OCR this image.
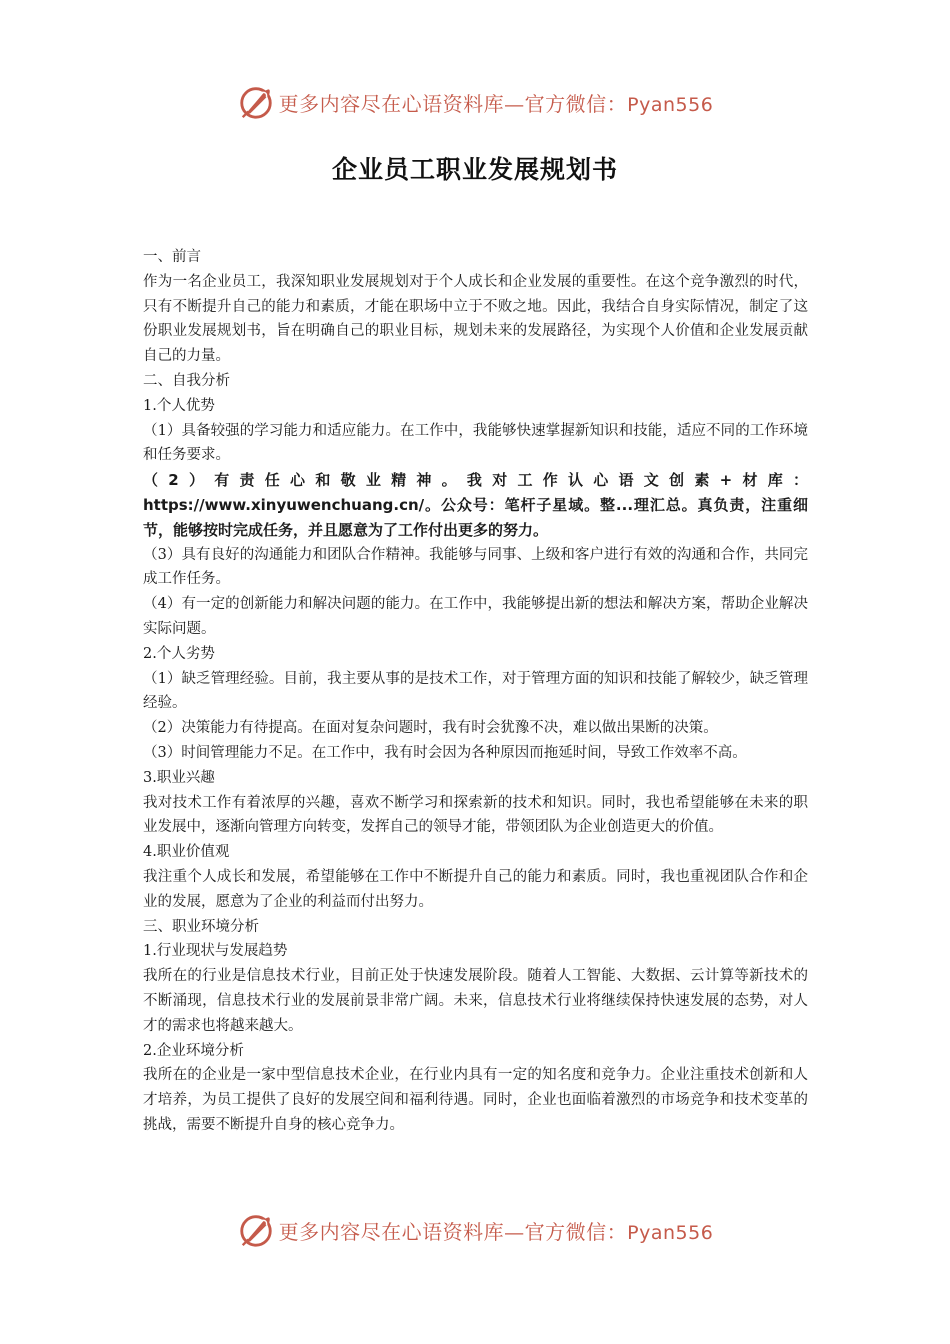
更多内容尽在心语资料库—官方微信：Pyan556
企业员工职业发展规划书

一、前言

作为一名企业员工，我深知职业发展规划对于个人成长和企业发展的重要性。在这个竞争激烈的时代，只有不断提升自己的能力和素质，才能在职场中立于不败之地。因此，我结合自身实际情况，制定了这份职业发展规划书，旨在明确自己的职业目标，规划未来的发展路径，为实现个人价值和企业发展贡献自己的力量。

二、自我分析

1.个人优势

（1）具备较强的学习能力和适应能力。在工作中，我能够快速掌握新知识和技能，适应不同的工作环境和任务要求。

（2）有责任心和敬业精神。我对工作认心语文创素+材库：https://www.xinyuwenchuang.cn/。公众号：笔杆子星域。整...理汇总。真负责，注重细节，能够按时完成任务，并且愿意为了工作付出更多的努力。

（3）具有良好的沟通能力和团队合作精神。我能够与同事、上级和客户进行有效的沟通和合作，共同完成工作任务。

（4）有一定的创新能力和解决问题的能力。在工作中，我能够提出新的想法和解决方案，帮助企业解决实际问题。

2.个人劣势

（1）缺乏管理经验。目前，我主要从事的是技术工作，对于管理方面的知识和技能了解较少，缺乏管理经验。

（2）决策能力有待提高。在面对复杂问题时，我有时会犹豫不决，难以做出果断的决策。

（3）时间管理能力不足。在工作中，我有时会因为各种原因而拖延时间，导致工作效率不高。

3.职业兴趣

我对技术工作有着浓厚的兴趣，喜欢不断学习和探索新的技术和知识。同时，我也希望能够在未来的职业发展中，逐渐向管理方向转变，发挥自己的领导才能，带领团队为企业创造更大的价值。

4.职业价值观

我注重个人成长和发展，希望能够在工作中不断提升自己的能力和素质。同时，我也重视团队合作和企业的发展，愿意为了企业的利益而付出努力。

三、职业环境分析

1.行业现状与发展趋势

我所在的行业是信息技术行业，目前正处于快速发展阶段。随着人工智能、大数据、云计算等新技术的不断涌现，信息技术行业的发展前景非常广阔。未来，信息技术行业将继续保持快速发展的态势，对人才的需求也将越来越大。

2.企业环境分析

我所在的企业是一家中型信息技术企业，在行业内具有一定的知名度和竞争力。企业注重技术创新和人才培养，为员工提供了良好的发展空间和福利待遇。同时，企业也面临着激烈的市场竞争和技术变革的挑战，需要不断提升自身的核心竞争力。

更多内容尽在心语资料库—官方微信：Pyan556
